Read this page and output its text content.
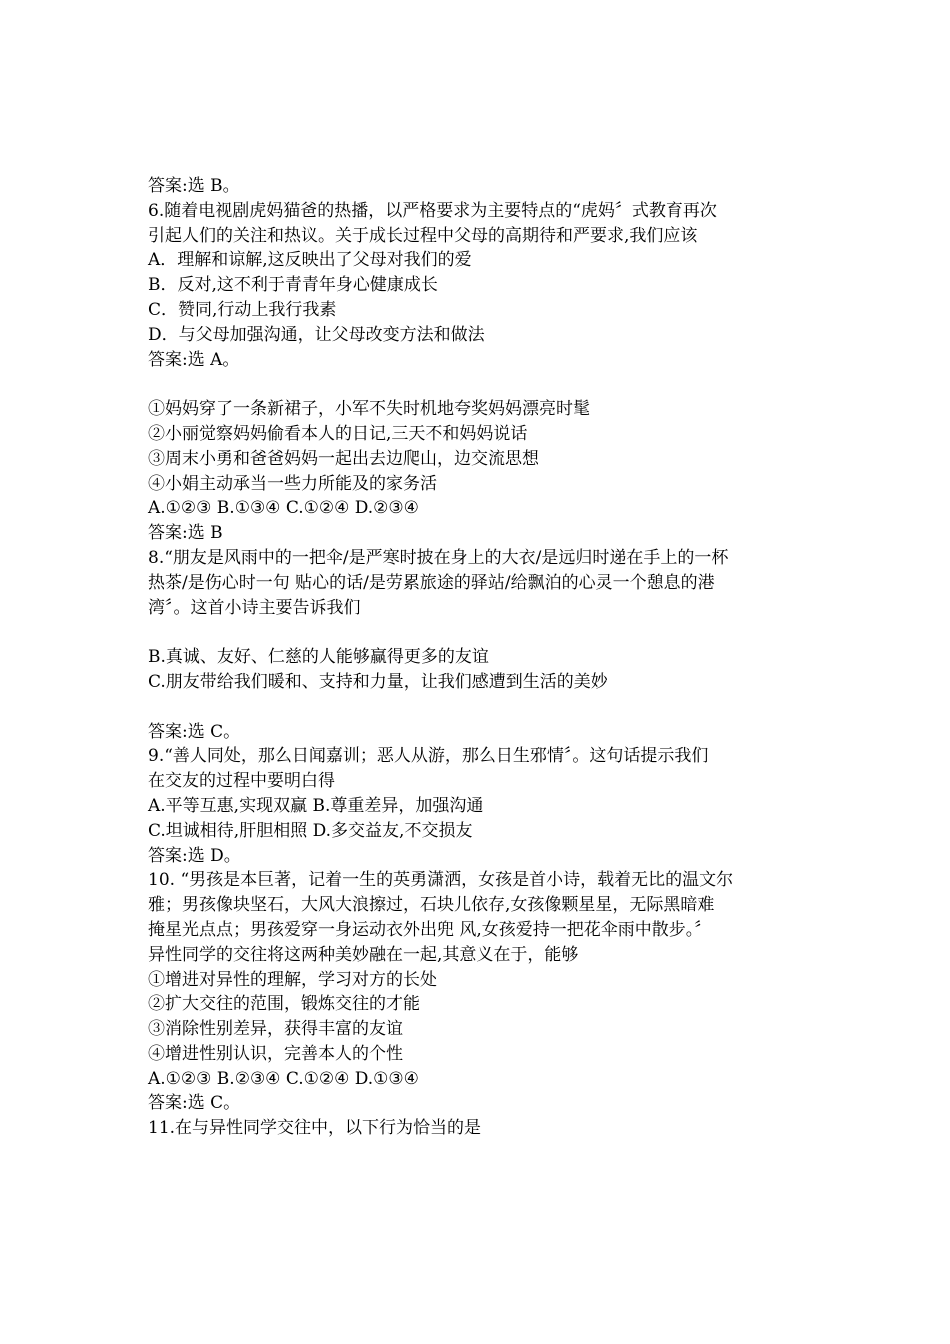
答案:选 B。
6.随着电视剧虎妈猫爸的热播，以严格要求为主要特点的“虎妈〞式教育再次
引起人们的关注和热议。关于成长过程中父母的高期待和严要求,我们应该
A．理解和谅解,这反映出了父母对我们的爱
B．反对,这不利于青青年身心健康成长
C．赞同,行动上我行我素
D．与父母加强沟通，让父母改变方法和做法
答案:选 A。
①妈妈穿了一条新裙子，小军不失时机地夸奖妈妈漂亮时髦
②小丽觉察妈妈偷看本人的日记,三天不和妈妈说话
③周末小勇和爸爸妈妈一起出去边爬山，边交流思想
④小娟主动承当一些力所能及的家务活
A.①②③ B.①③④ C.①②④ D.②③④
答案:选 B
8.“朋友是风雨中的一把伞/是严寒时披在身上的大衣/是远归时递在手上的一杯
热茶/是伤心时一句 贴心的话/是劳累旅途的驿站/给飘泊的心灵一个憩息的港
湾〞。这首小诗主要告诉我们
B.真诚、友好、仁慈的人能够赢得更多的友谊
C.朋友带给我们暖和、支持和力量，让我们感遭到生活的美妙
答案:选 C。
9.“善人同处，那么日闻嘉训；恶人从游，那么日生邪情〞。这句话提示我们
在交友的过程中要明白得
A.平等互惠,实现双赢 B.尊重差异，加强沟通
C.坦诚相待,肝胆相照 D.多交益友,不交损友
答案:选 D。
10. “男孩是本巨著，记着一生的英勇潇洒，女孩是首小诗，载着无比的温文尔
雅；男孩像块坚石，大风大浪擦过，石块儿依存,女孩像颗星星，无际黑暗难
掩星光点点；男孩爱穿一身运动衣外出兜 风,女孩爱持一把花伞雨中散步。〞
异性同学的交往将这两种美妙融在一起,其意义在于，能够
①增进对异性的理解，学习对方的长处
②扩大交往的范围，锻炼交往的才能
③消除性别差异，获得丰富的友谊
④增进性别认识，完善本人的个性
A.①②③ B.②③④ C.①②④ D.①③④
答案:选 C。
11.在与异性同学交往中，以下行为恰当的是
